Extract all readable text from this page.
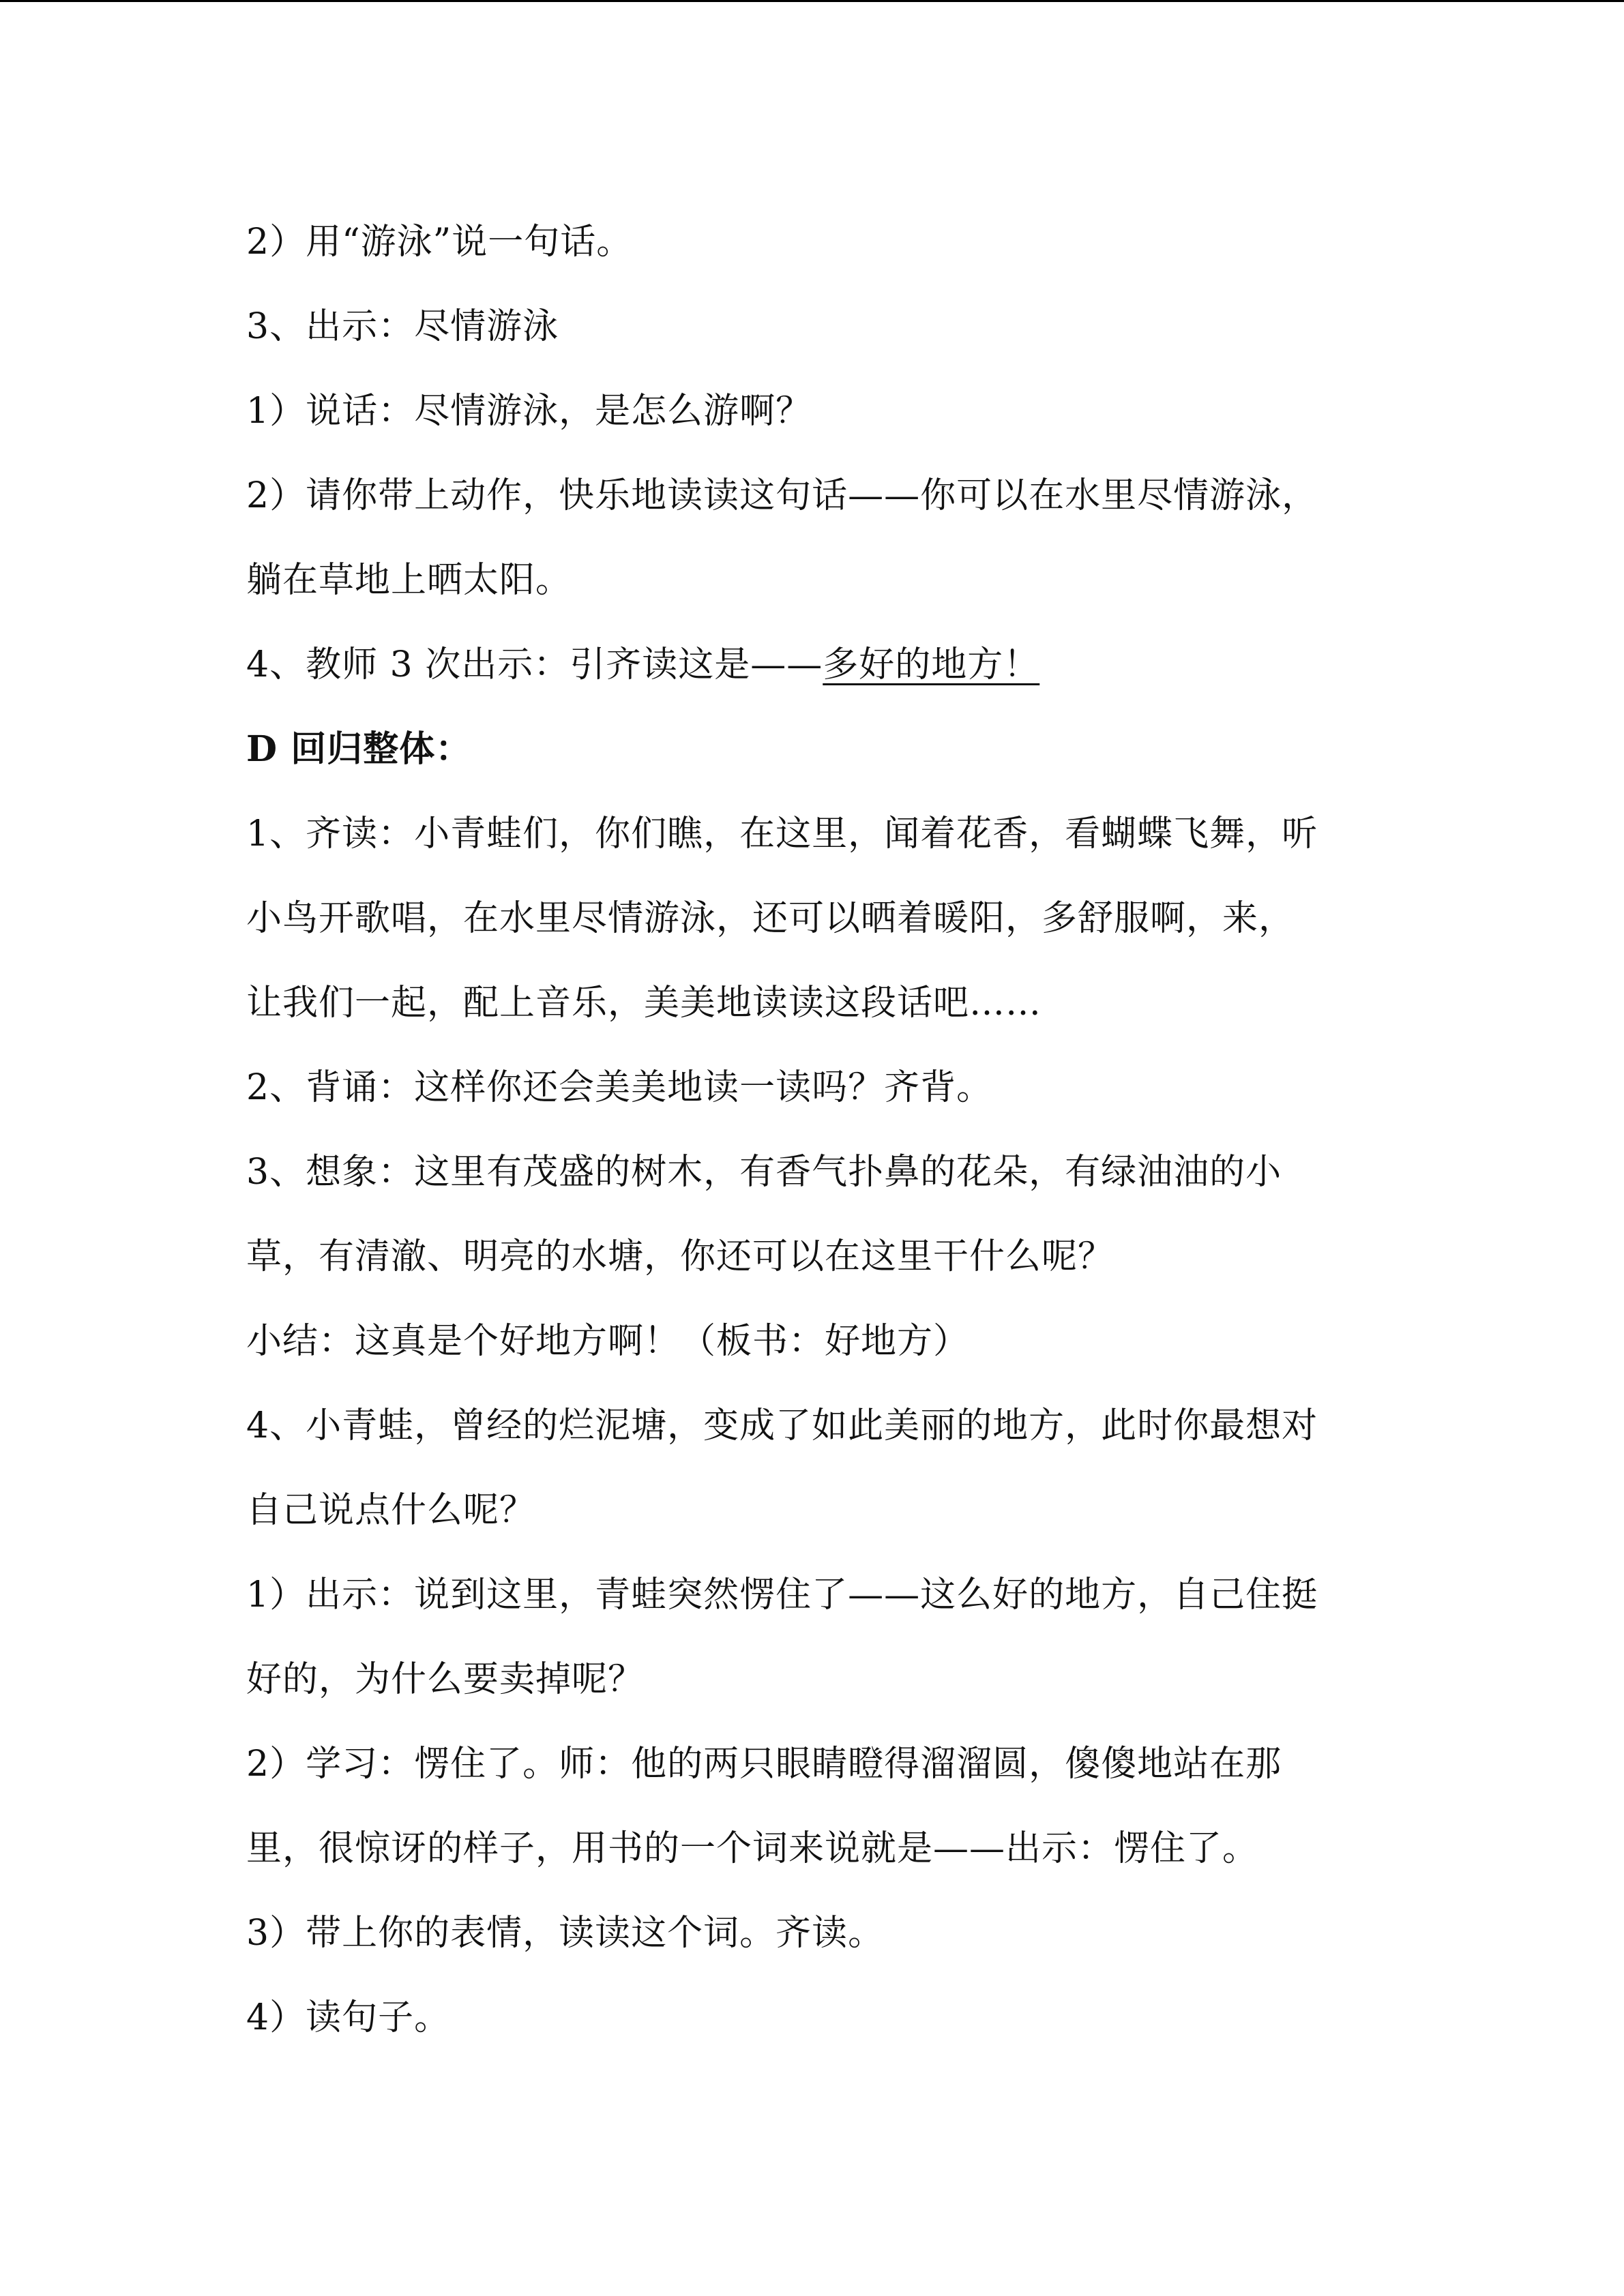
2）用“游泳”说一句话。
3、出示：尽情游泳
1）说话：尽情游泳，是怎么游啊？
2）请你带上动作，快乐地读读这句话——你可以在水里尽情游泳，
躺在草地上晒太阳。
4、教师 3 次出示：引齐读这是——多好的地方！
D 回归整体：
1、齐读：小青蛙们，你们瞧，在这里，闻着花香，看蝴蝶飞舞，听
小鸟开歌唱，在水里尽情游泳，还可以晒着暖阳，多舒服啊，来，
让我们一起，配上音乐，美美地读读这段话吧……
2、背诵：这样你还会美美地读一读吗？齐背。
3、想象：这里有茂盛的树木，有香气扑鼻的花朵，有绿油油的小
草，有清澈、明亮的水塘，你还可以在这里干什么呢？
小结：这真是个好地方啊！（板书：好地方）
4、小青蛙，曾经的烂泥塘，变成了如此美丽的地方，此时你最想对
自己说点什么呢？
1）出示：说到这里，青蛙突然愣住了——这么好的地方，自己住挺
好的，为什么要卖掉呢？
2）学习：愣住了。师：他的两只眼睛瞪得溜溜圆，傻傻地站在那
里，很惊讶的样子，用书的一个词来说就是——出示：愣住了。
3）带上你的表情，读读这个词。齐读。
4）读句子。
